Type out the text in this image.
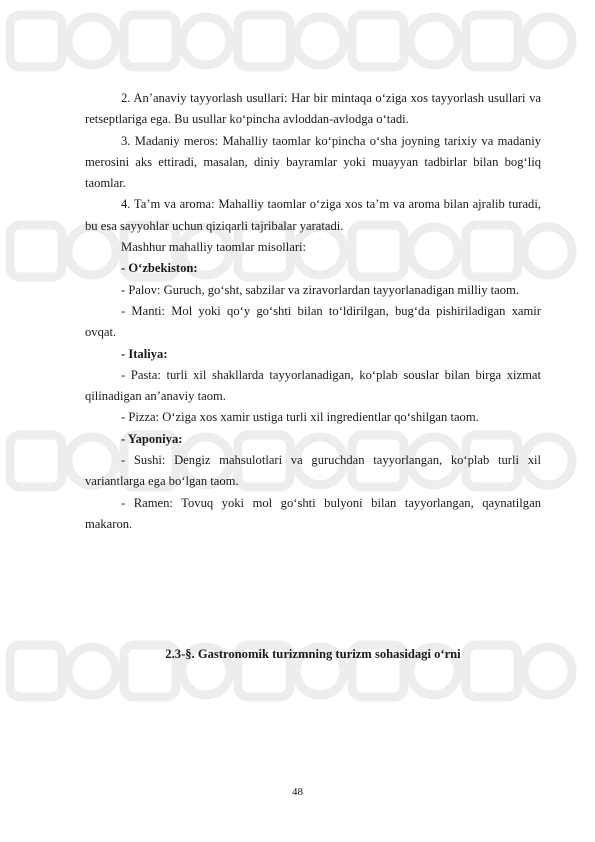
2. An’anaviy tayyorlash usullari: Har bir mintaqa o‘ziga xos tayyorlash usullari va retseptlariga ega. Bu usullar ko‘pincha avloddan-avlodga o‘tadi.

3. Madaniy meros: Mahalliy taomlar ko‘pincha o‘sha joyning tarixiy va madaniy merosini aks ettiradi, masalan, diniy bayramlar yoki muayyan tadbirlar bilan bog‘liq taomlar.

4. Ta’m va aroma: Mahalliy taomlar o‘ziga xos ta’m va aroma bilan ajralib turadi, bu esa sayyohlar uchun qiziqarli tajribalar yaratadi.

Mashhur mahalliy taomlar misollari:

- O‘zbekiston:

- Palov: Guruch, go‘sht, sabzilar va ziravorlardan tayyorlanadigan milliy taom.

- Manti: Mol yoki qo‘y go‘shti bilan to‘ldirilgan, bug‘da pishiriladigan xamir ovqat.

- Italiya:

- Pasta: turli xil shakllarda tayyorlanadigan, ko‘plab souslar bilan birga xizmat qilinadigan an’anaviy taom.

- Pizza: O‘ziga xos xamir ustiga turli xil ingredientlar qo‘shilgan taom.

- Yaponiya:

- Sushi: Dengiz mahsulotlari va guruchdan tayyorlangan, ko‘plab turli xil variantlarga ega bo‘lgan taom.

- Ramen: Tovuq yoki mol go‘shti bulyoni bilan tayyorlangan, qaynatilgan makaron.

2.3-§. Gastronomik turizmning turizm sohasidagi o‘rni
48
